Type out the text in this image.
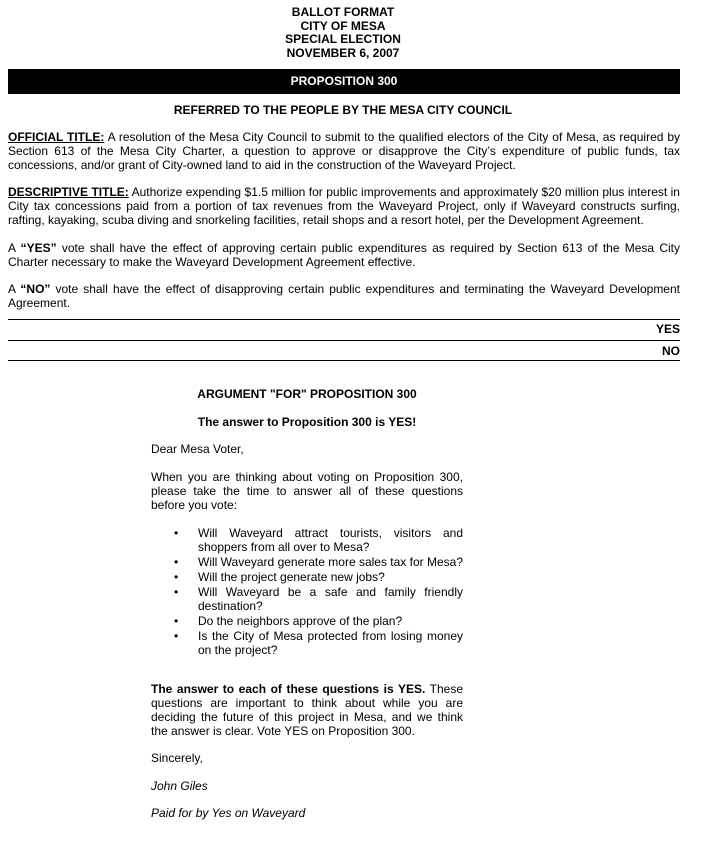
BALLOT FORMAT
CITY OF MESA
SPECIAL ELECTION
NOVEMBER 6, 2007
PROPOSITION 300
REFERRED TO THE PEOPLE BY THE MESA CITY COUNCIL
OFFICIAL TITLE: A resolution of the Mesa City Council to submit to the qualified electors of the City of Mesa, as required by Section 613 of the Mesa City Charter, a question to approve or disapprove the City’s expenditure of public funds, tax concessions, and/or grant of City-owned land to aid in the construction of the Waveyard Project.
DESCRIPTIVE TITLE: Authorize expending $1.5 million for public improvements and approximately $20 million plus interest in City tax concessions paid from a portion of tax revenues from the Waveyard Project, only if Waveyard constructs surfing, rafting, kayaking, scuba diving and snorkeling facilities, retail shops and a resort hotel, per the Development Agreement.
A “YES” vote shall have the effect of approving certain public expenditures as required by Section 613 of the Mesa City Charter necessary to make the Waveyard Development Agreement effective.
A “NO” vote shall have the effect of disapproving certain public expenditures and terminating the Waveyard Development Agreement.
YES
NO
ARGUMENT "FOR" PROPOSITION 300
The answer to Proposition 300 is YES!
Dear Mesa Voter,
When you are thinking about voting on Proposition 300, please take the time to answer all of these questions before you vote:
• Will Waveyard attract tourists, visitors and shoppers from all over to Mesa?
• Will Waveyard generate more sales tax for Mesa?
• Will the project generate new jobs?
• Will Waveyard be a safe and family friendly destination?
• Do the neighbors approve of the plan?
• Is the City of Mesa protected from losing money on the project?
The answer to each of these questions is YES. These questions are important to think about while you are deciding the future of this project in Mesa, and we think the answer is clear. Vote YES on Proposition 300.
Sincerely,
John Giles
Paid for by Yes on Waveyard
